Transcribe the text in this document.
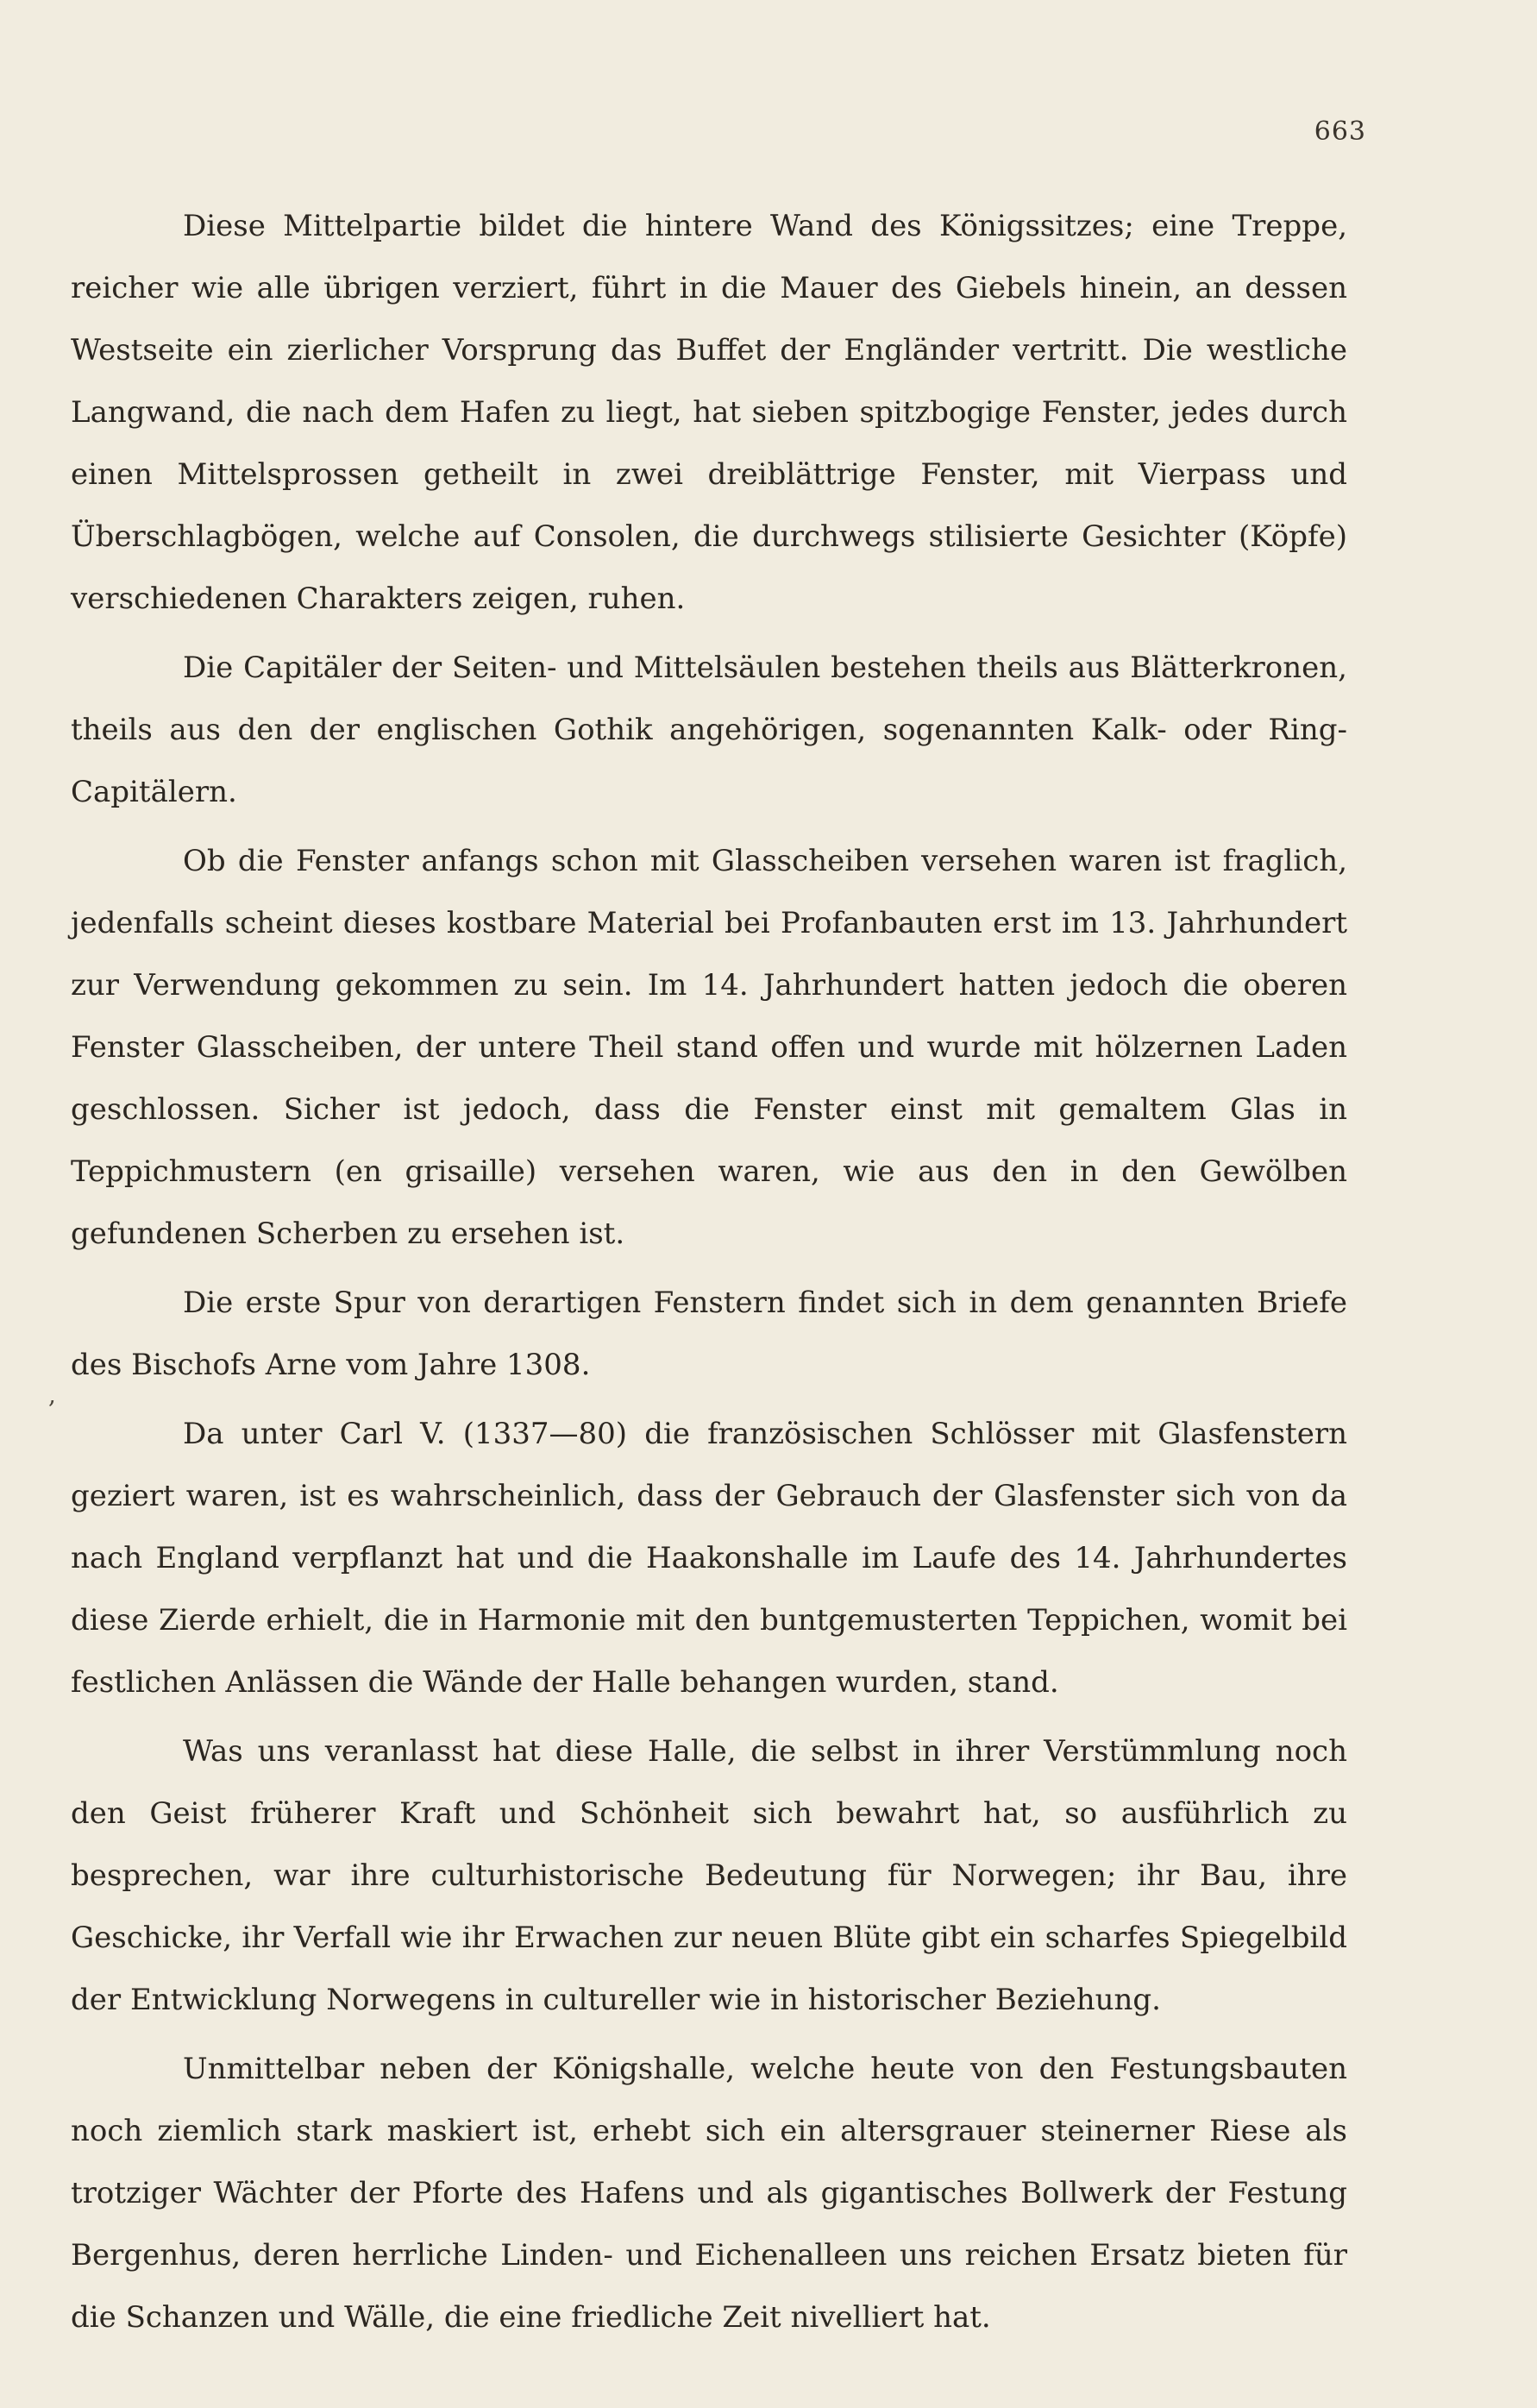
663
,

Diese Mittelpartie bildet die hintere Wand des Königssitzes; eine Treppe, reicher wie alle übrigen verziert, führt in die Mauer des Giebels hinein, an dessen Westseite ein zierlicher Vorsprung das Buffet der Engländer vertritt. Die westliche Langwand, die nach dem Hafen zu liegt, hat sieben spitzbogige Fenster, jedes durch einen Mittelsprossen getheilt in zwei dreiblättrige Fenster, mit Vierpass und Überschlagbögen, welche auf Consolen, die durchwegs stilisierte Gesichter (Köpfe) verschiedenen Charakters zeigen, ruhen.

Die Capitäler der Seiten- und Mittelsäulen bestehen theils aus Blätterkronen, theils aus den der englischen Gothik angehörigen, sogenannten Kalk- oder Ring-Capitälern.

Ob die Fenster anfangs schon mit Glasscheiben versehen waren ist fraglich, jedenfalls scheint dieses kostbare Material bei Profanbauten erst im 13. Jahrhundert zur Verwendung gekommen zu sein. Im 14. Jahrhundert hatten jedoch die oberen Fenster Glasscheiben, der untere Theil stand offen und wurde mit hölzernen Laden geschlossen. Sicher ist jedoch, dass die Fenster einst mit gemaltem Glas in Teppichmustern (en grisaille) versehen waren, wie aus den in den Gewölben gefundenen Scherben zu ersehen ist.

Die erste Spur von derartigen Fenstern findet sich in dem genannten Briefe des Bischofs Arne vom Jahre 1308.

Da unter Carl V. (1337—80) die französischen Schlösser mit Glasfenstern geziert waren, ist es wahrscheinlich, dass der Gebrauch der Glasfenster sich von da nach England verpflanzt hat und die Haakonshalle im Laufe des 14. Jahrhundertes diese Zierde erhielt, die in Harmonie mit den buntgemusterten Teppichen, womit bei festlichen Anlässen die Wände der Halle behangen wurden, stand.

Was uns veranlasst hat diese Halle, die selbst in ihrer Verstümmlung noch den Geist früherer Kraft und Schönheit sich bewahrt hat, so ausführlich zu besprechen, war ihre culturhistorische Bedeutung für Norwegen; ihr Bau, ihre Geschicke, ihr Verfall wie ihr Erwachen zur neuen Blüte gibt ein scharfes Spiegelbild der Entwicklung Norwegens in cultureller wie in historischer Beziehung.

Unmittelbar neben der Königshalle, welche heute von den Festungsbauten noch ziemlich stark maskiert ist, erhebt sich ein altersgrauer steinerner Riese als trotziger Wächter der Pforte des Hafens und als gigantisches Bollwerk der Festung Bergenhus, deren herrliche Linden- und Eichenalleen uns reichen Ersatz bieten für die Schanzen und Wälle, die eine friedliche Zeit nivelliert hat.
